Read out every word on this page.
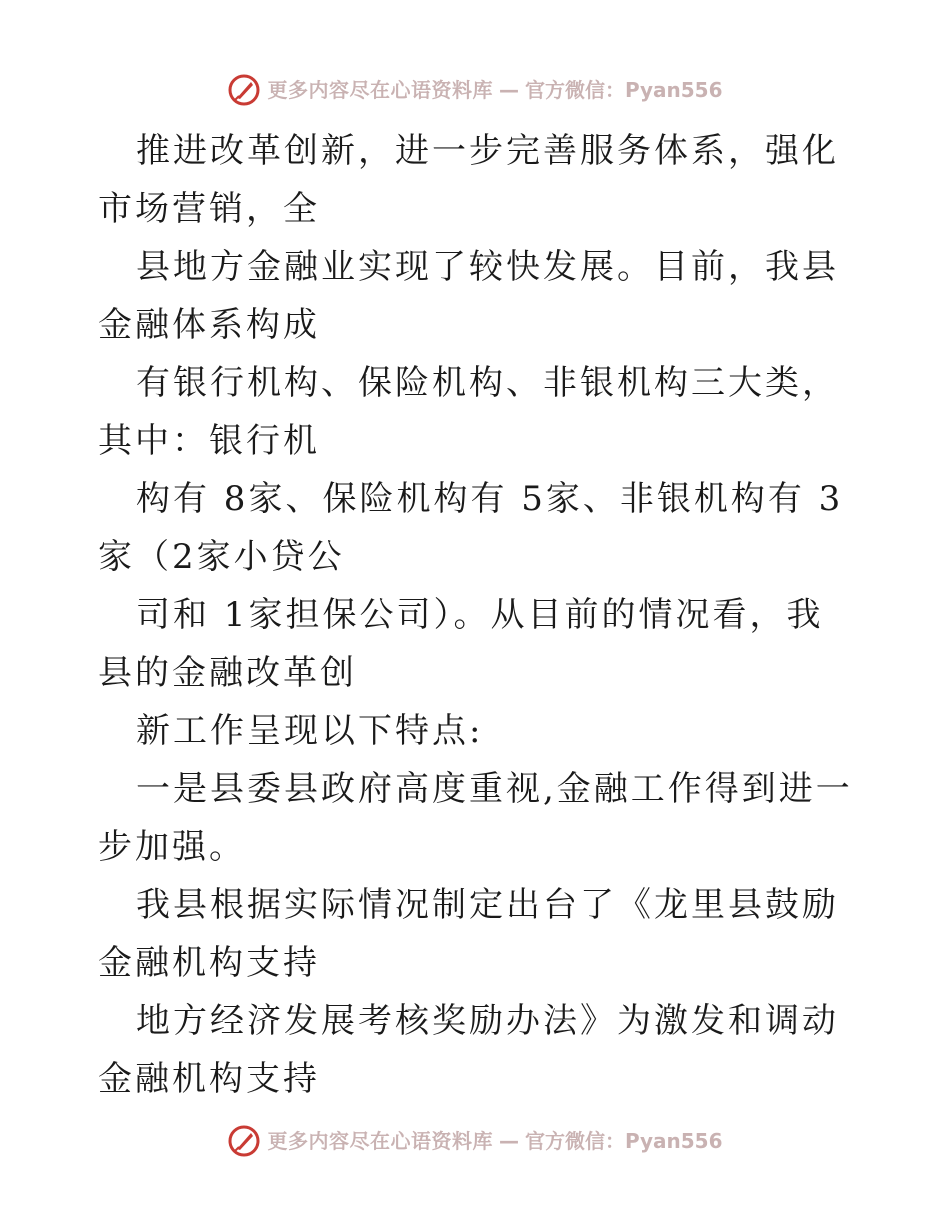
更多内容尽在心语资料库 — 官方微信：Pyan556

推进改革创新，进一步完善服务体系，强化市场营销，全

县地方金融业实现了较快发展。目前，我县金融体系构成

有银行机构、保险机构、非银机构三大类，其中：银行机

构有 8家、保险机构有 5家、非银机构有 3家（2家小贷公

司和 1家担保公司）。从目前的情况看，我县的金融改革创

新工作呈现以下特点:

一是县委县政府高度重视,金融工作得到进一步加强。

我县根据实际情况制定出台了《龙里县鼓励金融机构支持

地方经济发展考核奖励办法》为激发和调动金融机构支持

更多内容尽在心语资料库 — 官方微信：Pyan556
